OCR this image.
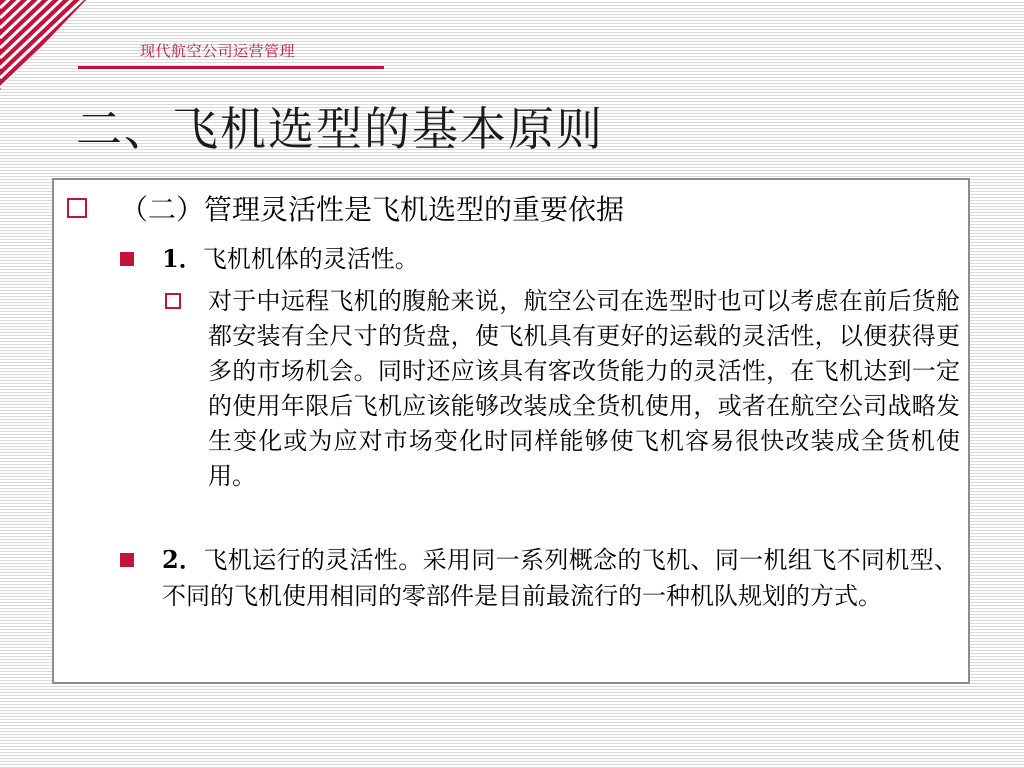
现代航空公司运营管理
二、飞机选型的基本原则
（二）管理灵活性是飞机选型的重要依据
1．飞机机体的灵活性。
对于中远程飞机的腹舱来说，航空公司在选型时也可以考虑在前后货舱都安装有全尺寸的货盘，使飞机具有更好的运载的灵活性，以便获得更多的市场机会。同时还应该具有客改货能力的灵活性，在飞机达到一定的使用年限后飞机应该能够改装成全货机使用，或者在航空公司战略发生变化或为应对市场变化时同样能够使飞机容易很快改装成全货机使用。
2．飞机运行的灵活性。采用同一系列概念的飞机、同一机组飞不同机型、不同的飞机使用相同的零部件是目前最流行的一种机队规划的方式。
